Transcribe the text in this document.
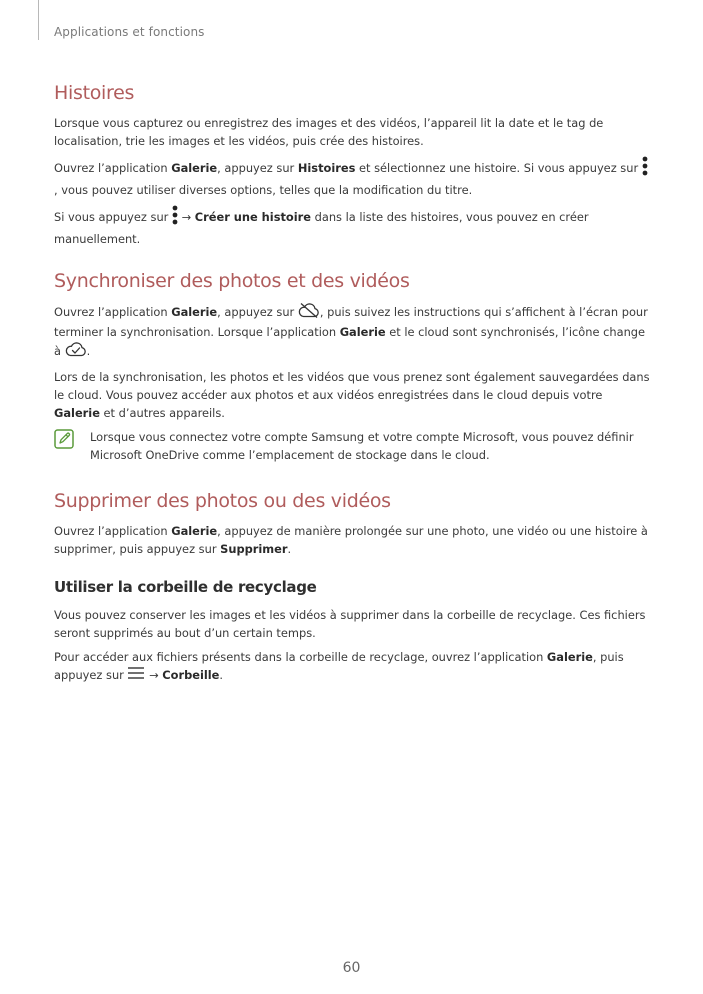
Applications et fonctions
Histoires

Lorsque vous capturez ou enregistrez des images et des vidéos, l’appareil lit la date et le tag de localisation, trie les images et les vidéos, puis crée des histoires.

Ouvrez l’application Galerie, appuyez sur Histoires et sélectionnez une histoire. Si vous appuyez sur , vous pouvez utiliser diverses options, telles que la modification du titre.

Si vous appuyez sur  → Créer une histoire dans la liste des histoires, vous pouvez en créer manuellement.

Synchroniser des photos et des vidéos

Ouvrez l’application Galerie, appuyez sur , puis suivez les instructions qui s’affichent à l’écran pour terminer la synchronisation. Lorsque l’application Galerie et le cloud sont synchronisés, l’icône change à .

Lors de la synchronisation, les photos et les vidéos que vous prenez sont également sauvegardées dans le cloud. Vous pouvez accéder aux photos et aux vidéos enregistrées dans le cloud depuis votre Galerie et d’autres appareils.

Lorsque vous connectez votre compte Samsung et votre compte Microsoft, vous pouvez définir Microsoft OneDrive comme l’emplacement de stockage dans le cloud.

Supprimer des photos ou des vidéos

Ouvrez l’application Galerie, appuyez de manière prolongée sur une photo, une vidéo ou une histoire à supprimer, puis appuyez sur Supprimer.

Utiliser la corbeille de recyclage

Vous pouvez conserver les images et les vidéos à supprimer dans la corbeille de recyclage. Ces fichiers seront supprimés au bout d’un certain temps.

Pour accéder aux fichiers présents dans la corbeille de recyclage, ouvrez l’application Galerie, puis appuyez sur  → Corbeille.

60
